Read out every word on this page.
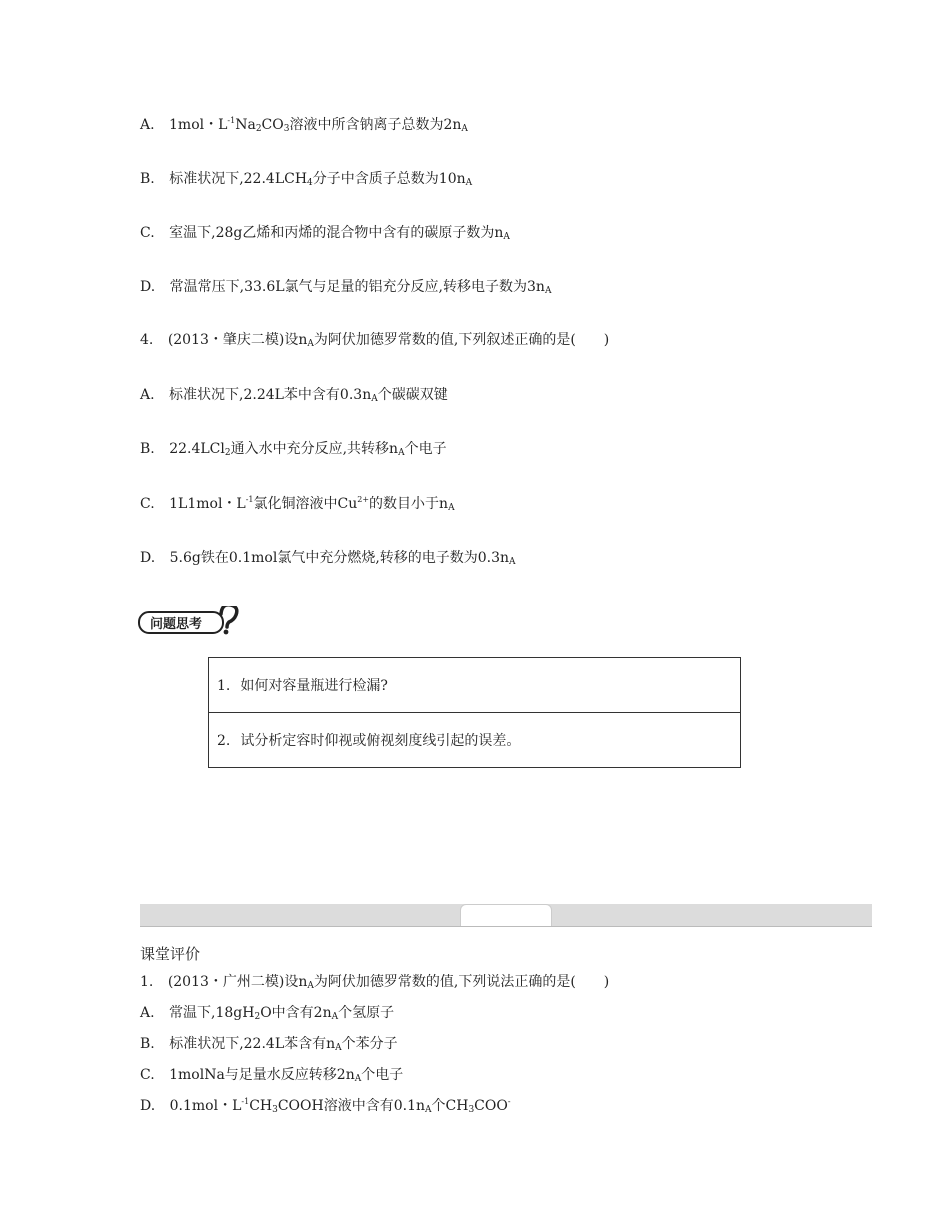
A. 1mol・$L^{-1}Na_2CO_3$溶液中所含钠离子总数为$2n_A$
B. 标准状况下$,22.4LCH_4$分子中含质子总数为$10n_A$
C. 室温下,28g乙烯和丙烯的混合物中含有的碳原子数为$n_A$
D. 常温常压下,33.6L氯气与足量的铝充分反应,转移电子数为$3n_A$
4. (2013・肇庆二模)设$n_A$为阿伏加德罗常数的值,下列叙述正确的是(　　)
A. 标准状况下,2.24L苯中含有$0.3n_A$个碳碳双键
B. 22.4LCl$_2$通入水中充分反应,共转移$n_A$个电子
C. 1L1mol・$L^{-1}$氯化铜溶液中$Cu^{2+}$的数目小于$n_A$
D. 5.6g铁在0.1mol氯气中充分燃烧,转移的电子数为$0.3n_A$
问题思考
1. 如何对容量瓶进行检漏?
2. 试分析定容时仰视或俯视刻度线引起的误差。
课堂评价
1. (2013・广州二模)设$n_A$为阿伏加德罗常数的值,下列说法正确的是(　　)
A. 常温下$,18gH_2O$中含有$2n_A$个氢原子
B. 标准状况下,22.4L苯含有$n_A$个苯分子
C. 1molNa与足量水反应转移$2n_A$个电子
D. 0.1mol・$L^{-1}CH_3COOH$溶液中含有$0.1n_A$个$CH_3COO^-$
